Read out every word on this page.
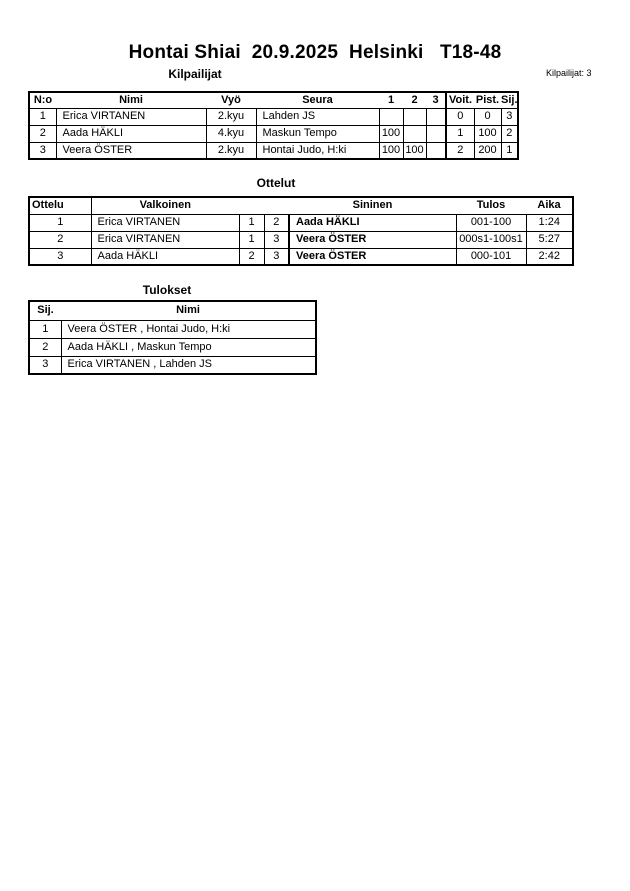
Hontai Shiai  20.9.2025  Helsinki   T18-48
Kilpailijat	Kilpailijat: 3
N:o	Nimi	Vyö	Seura	1	2	3	Voit.	Pist.	Sij.
1	Erica VIRTANEN	2.kyu	Lahden JS				0	0	3
2	Aada HÄKLI	4.kyu	Maskun Tempo	100			1	100	2
3	Veera ÖSTER	2.kyu	Hontai Judo, H:ki	100	100		2	200	1
Ottelut
Ottelu	Valkoinen			Sininen	Tulos	Aika
1	Erica VIRTANEN	1	2	Aada HÄKLI	001-100	1:24
2	Erica VIRTANEN	1	3	Veera ÖSTER	000s1-100s1	5:27
3	Aada HÄKLI	2	3	Veera ÖSTER	000-101	2:42
Tulokset
Sij.	Nimi
1	Veera ÖSTER , Hontai Judo, H:ki
2	Aada HÄKLI , Maskun Tempo
3	Erica VIRTANEN , Lahden JS
